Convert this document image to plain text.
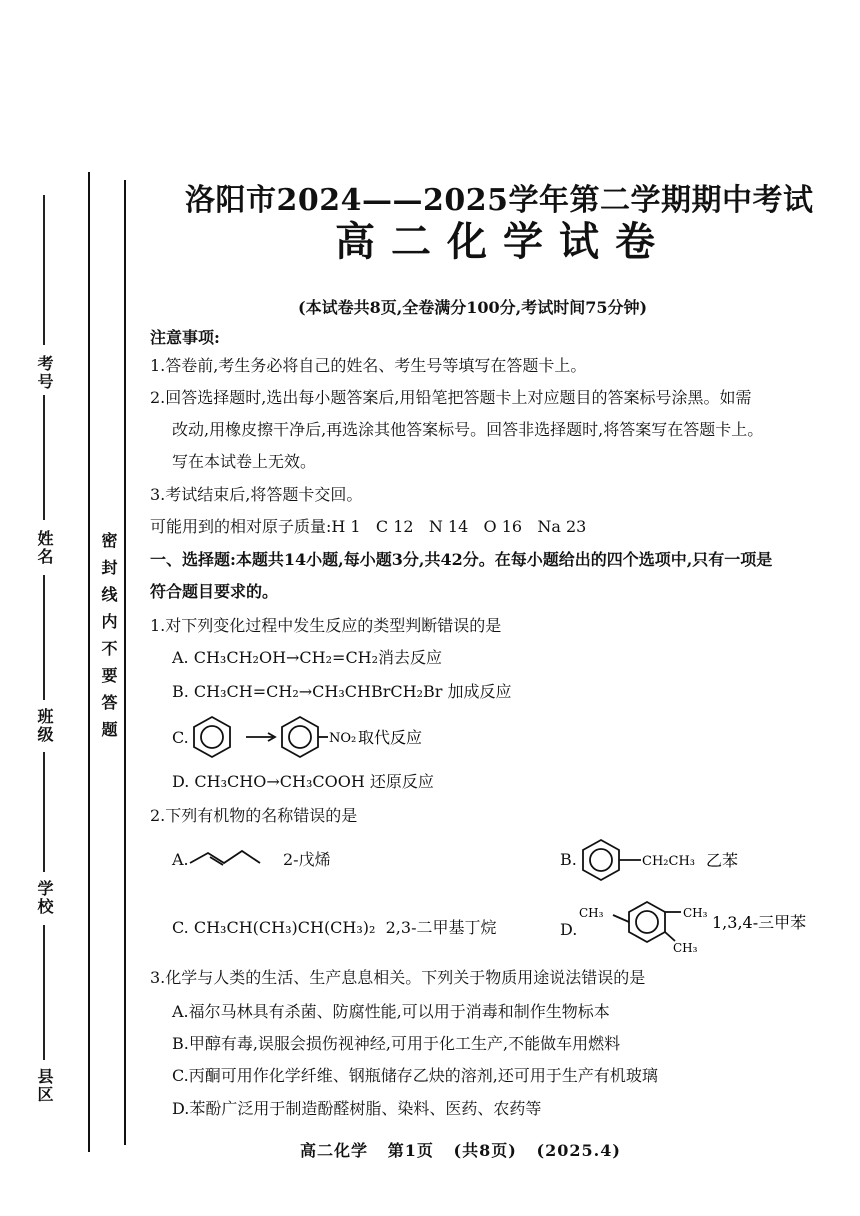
考号
姓名
班级
学校
县区
密封线内不要答题
洛阳市2024——2025学年第二学期期中考试
高二化学试卷
(本试卷共8页,全卷满分100分,考试时间75分钟)
注意事项:
1.答卷前,考生务必将自己的姓名、考生号等填写在答题卡上。
2.回答选择题时,选出每小题答案后,用铅笔把答题卡上对应题目的答案标号涂黑。如需
改动,用橡皮擦干净后,再选涂其他答案标号。回答非选择题时,将答案写在答题卡上。
写在本试卷上无效。
3.考试结束后,将答题卡交回。
可能用到的相对原子质量:H 1   C 12   N 14   O 16   Na 23
一、选择题:本题共14小题,每小题3分,共42分。在每小题给出的四个选项中,只有一项是
符合题目要求的。
1.对下列变化过程中发生反应的类型判断错误的是
A. CH₃CH₂OH→CH₂=CH₂消去反应
B. CH₃CH=CH₂→CH₃CHBrCH₂Br 加成反应
C.	NO₂ 取代反应
D. CH₃CHO→CH₃COOH 还原反应
2.下列有机物的名称错误的是
A.	2-戊烯	B.	CH₂CH₃ 乙苯
C. CH₃CH(CH₃)CH(CH₃)₂  2,3-二甲基丁烷	D.
CH₃	CH₃
CH₃
1,3,4-三甲苯
3.化学与人类的生活、生产息息相关。下列关于物质用途说法错误的是
A.福尔马林具有杀菌、防腐性能,可以用于消毒和制作生物标本
B.甲醇有毒,误服会损伤视神经,可用于化工生产,不能做车用燃料
C.丙酮可用作化学纤维、钢瓶储存乙炔的溶剂,还可用于生产有机玻璃
D.苯酚广泛用于制造酚醛树脂、染料、医药、农药等
高二化学   第1页   (共8页)   (2025.4)
